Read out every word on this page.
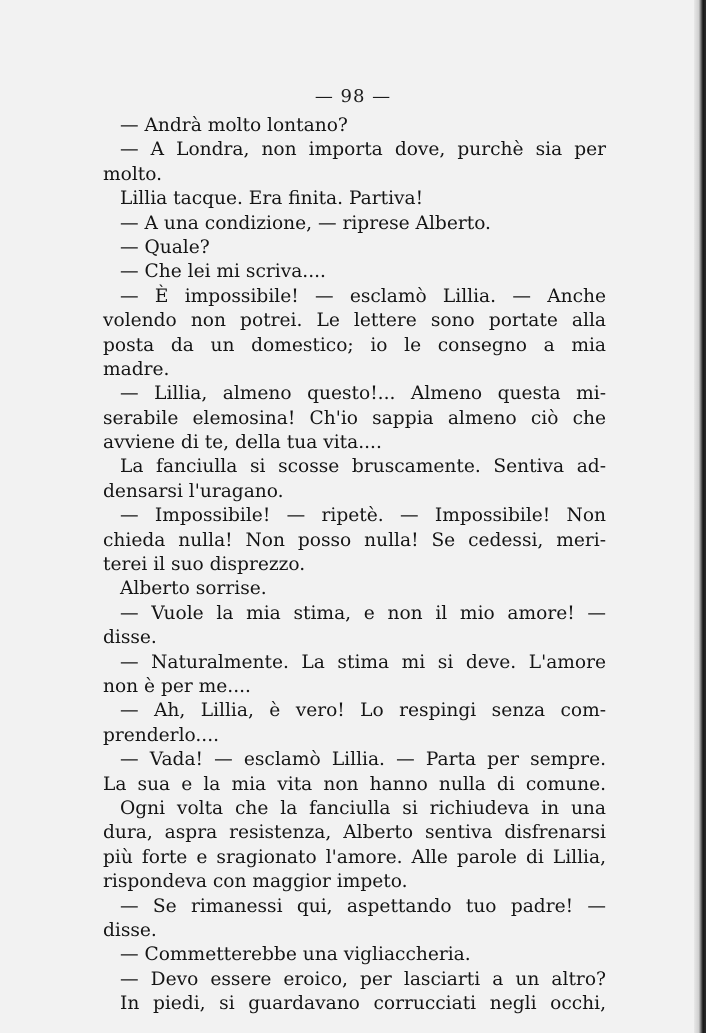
— 98 —
— Andrà molto lontano?
— A Londra, non importa dove, purchè sia per
molto.
Lillia tacque. Era finita. Partiva!
— A una condizione, — riprese Alberto.
— Quale?
— Che lei mi scriva....
— È impossibile! — esclamò Lillia. — Anche
volendo non potrei. Le lettere sono portate alla
posta da un domestico; io le consegno a mia
madre.
— Lillia, almeno questo!... Almeno questa mi-
serabile elemosina! Ch'io sappia almeno ciò che
avviene di te, della tua vita....
La fanciulla si scosse bruscamente. Sentiva ad-
densarsi l'uragano.
— Impossibile! — ripetè. — Impossibile! Non
chieda nulla! Non posso nulla! Se cedessi, meri-
terei il suo disprezzo.
Alberto sorrise.
— Vuole la mia stima, e non il mio amore! —
disse.
— Naturalmente. La stima mi si deve. L'amore
non è per me....
— Ah, Lillia, è vero! Lo respingi senza com-
prenderlo....
— Vada! — esclamò Lillia. — Parta per sempre.
La sua e la mia vita non hanno nulla di comune.
Ogni volta che la fanciulla si richiudeva in una
dura, aspra resistenza, Alberto sentiva disfrenarsi
più forte e sragionato l'amore. Alle parole di Lillia,
rispondeva con maggior impeto.
— Se rimanessi qui, aspettando tuo padre! —
disse.
— Commetterebbe una vigliaccheria.
— Devo essere eroico, per lasciarti a un altro?
In piedi, si guardavano corrucciati negli occhi,
